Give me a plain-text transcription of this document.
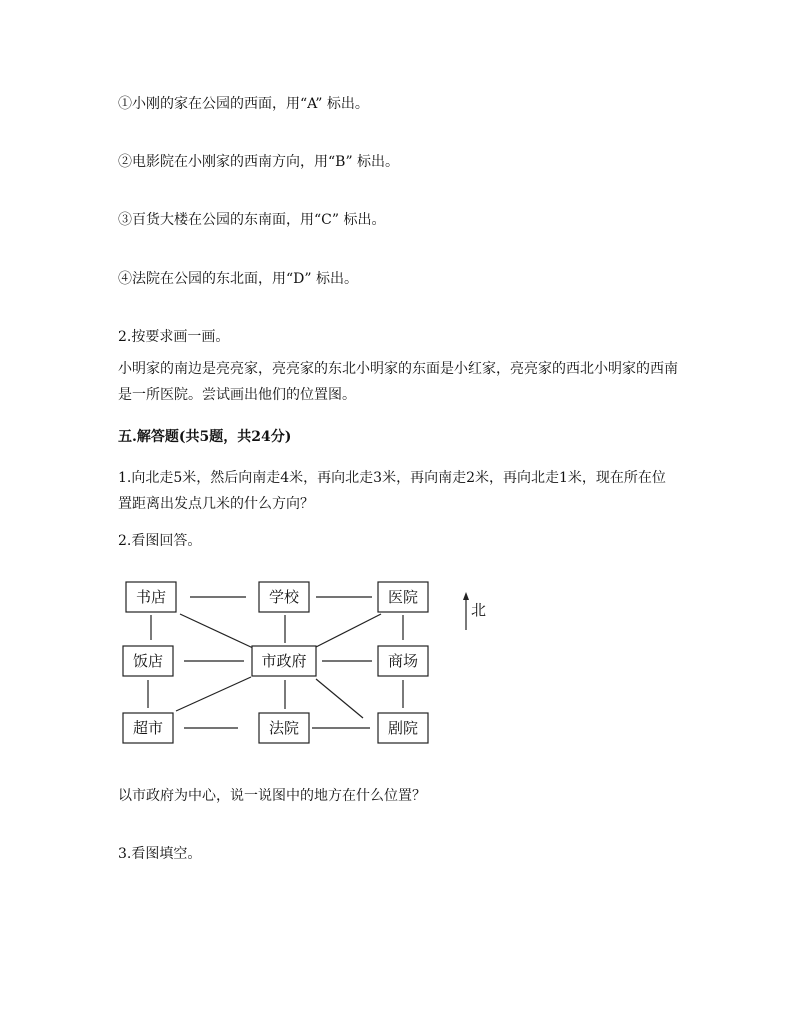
①小刚的家在公园的西面，用“A” 标出。
②电影院在小刚家的西南方向，用“B” 标出。
③百货大楼在公园的东南面，用“C” 标出。
④法院在公园的东北面，用“D” 标出。
2.按要求画一画。
小明家的南边是亮亮家，亮亮家的东北小明家的东面是小红家，亮亮家的西北小明家的西南是一所医院。尝试画出他们的位置图。
五.解答题(共5题，共24分)
1.向北走5米，然后向南走4米，再向北走3米，再向南走2米，再向北走1米，现在所在位置距离出发点几米的什么方向？
2.看图回答。
书店	学校	医院
饭店	市政府	商场
超市	法院	剧院
北
以市政府为中心，说一说图中的地方在什么位置？
3.看图填空。
